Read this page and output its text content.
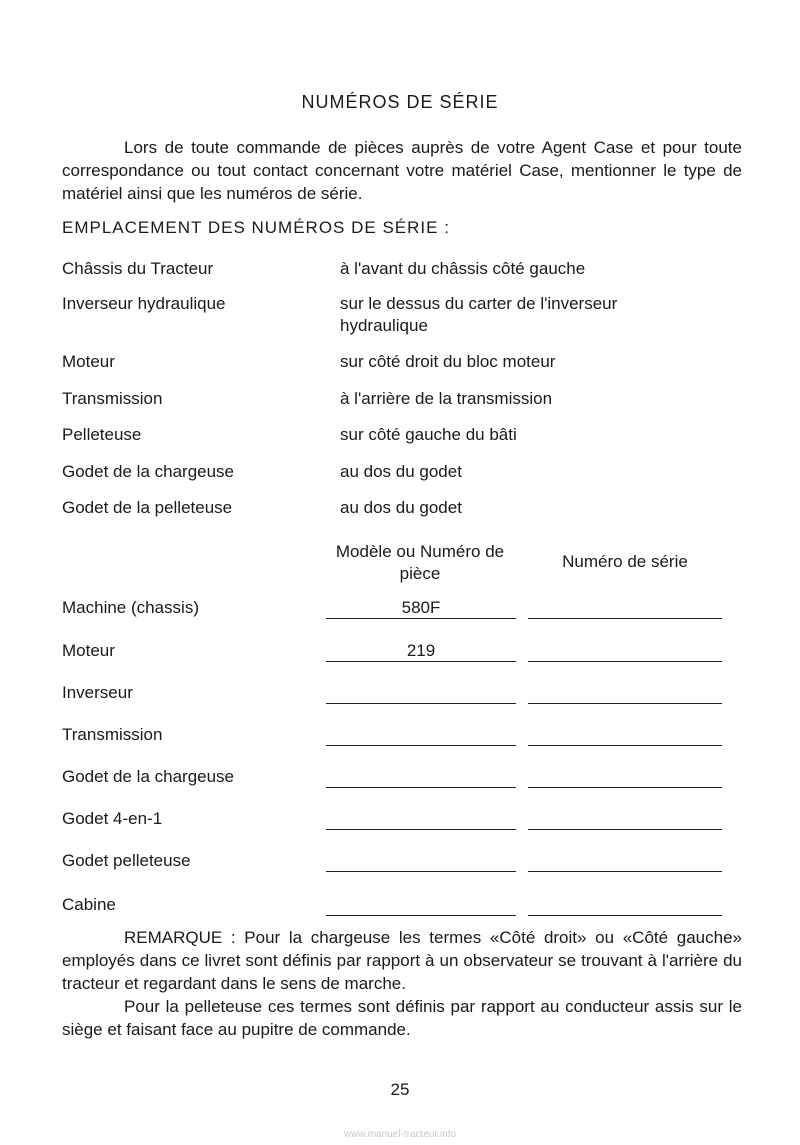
NUMÉROS DE SÉRIE

Lors de toute commande de pièces auprès de votre Agent Case et pour toute correspondance ou tout contact concernant votre matériel Case, mentionner le type de matériel ainsi que les numéros de série.

EMPLACEMENT DES NUMÉROS DE SÉRIE :
Châssis du Tracteur	à l'avant du châssis côté gauche
Inverseur hydraulique	sur le dessus du carter de l'inverseur hydraulique
Moteur	sur côté droit du bloc moteur
Transmission	à l'arrière de la transmission
Pelleteuse	sur côté gauche du bâti
Godet de la chargeuse	au dos du godet
Godet de la pelleteuse	au dos du godet
Modèle ou Numéro de pièce
Numéro de série
Machine (chassis)	580F
Moteur	219
Inverseur
Transmission
Godet de la chargeuse
Godet 4-en-1
Godet pelleteuse
Cabine

REMARQUE : Pour la chargeuse les termes «Côté droit» ou «Côté gauche» employés dans ce livret sont définis par rapport à un observateur se trouvant à l'arrière du tracteur et regardant dans le sens de marche.

Pour la pelleteuse ces termes sont définis par rapport au conducteur assis sur le siège et faisant face au pupitre de commande.

25
www.manuel-tracteur.info
